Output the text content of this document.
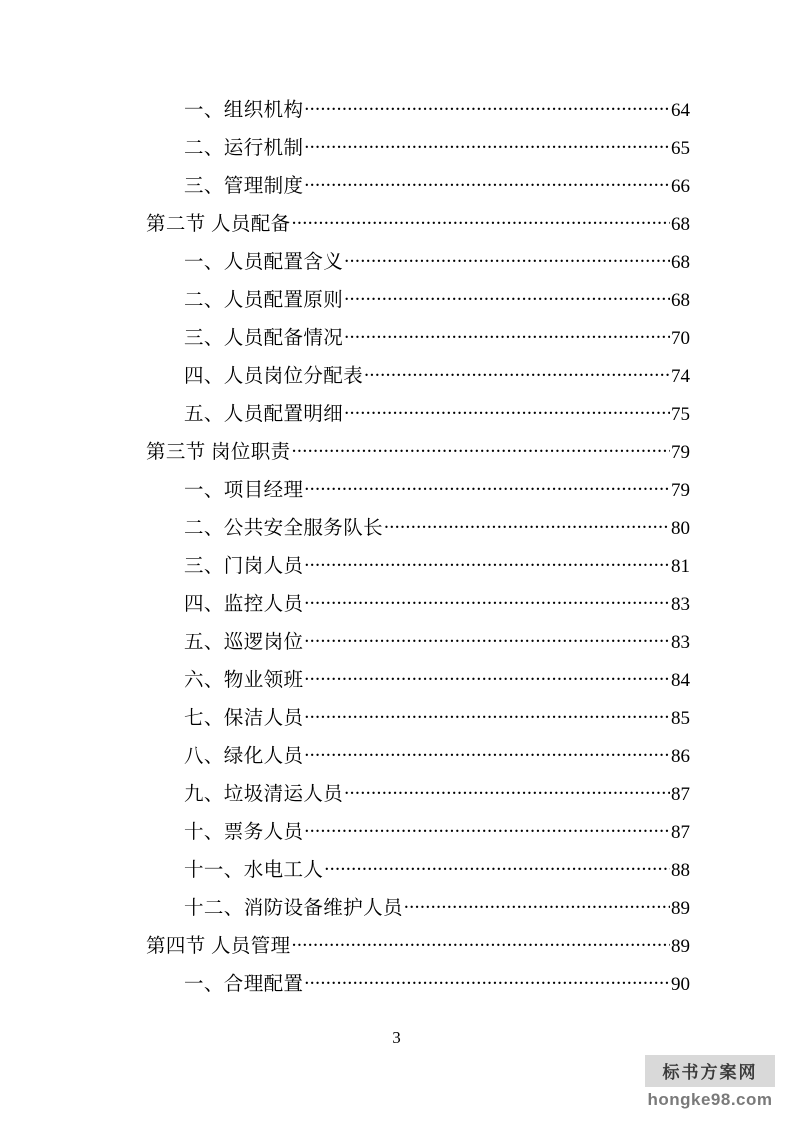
一、组织机构 .....	64
二、运行机制 .....	65
三、管理制度 .....	66
第二节 人员配备 .....	68
一、人员配置含义 .....	68
二、人员配置原则 .....	68
三、人员配备情况 .....	70
四、人员岗位分配表 .....	74
五、人员配置明细 .....	75
第三节 岗位职责 .....	79
一、项目经理 .....	79
二、公共安全服务队长 .....	80
三、门岗人员 .....	81
四、监控人员 .....	83
五、巡逻岗位 .....	83
六、物业领班 .....	84
七、保洁人员 .....	85
八、绿化人员 .....	86
九、垃圾清运人员 .....	87
十、票务人员 .....	87
十一、水电工人 .....	88
十二、消防设备维护人员 .....	89
第四节 人员管理 .....	89
一、合理配置 .....	90
3
标书方案网
hongke98.com
